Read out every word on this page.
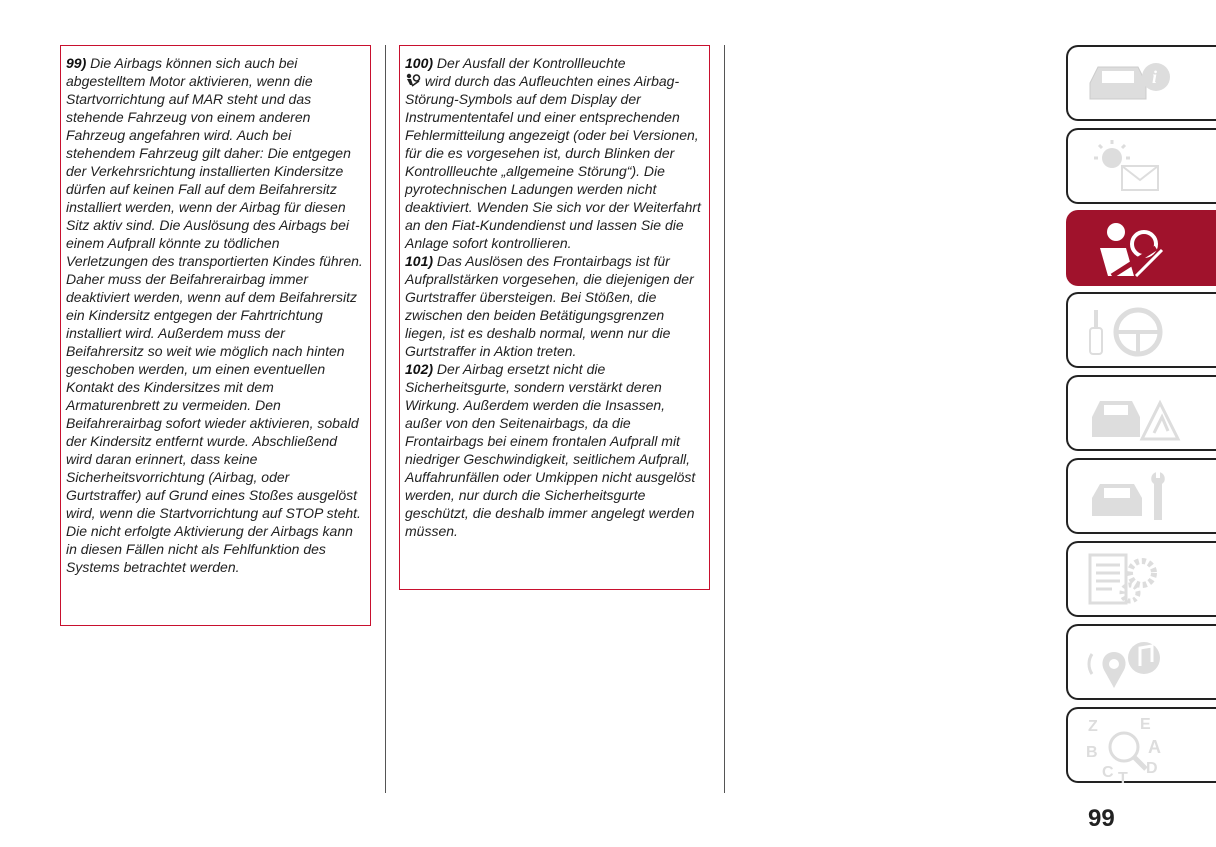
99) Die Airbags können sich auch bei abgestelltem Motor aktivieren, wenn die Startvorrichtung auf MAR steht und das stehende Fahrzeug von einem anderen Fahrzeug angefahren wird. Auch bei stehendem Fahrzeug gilt daher: Die entgegen der Verkehrsrichtung installierten Kindersitze dürfen auf keinen Fall auf dem Beifahrersitz installiert werden, wenn der Airbag für diesen Sitz aktiv sind. Die Auslösung des Airbags bei einem Aufprall könnte zu tödlichen Verletzungen des transportierten Kindes führen. Daher muss der Beifahrerairbag immer deaktiviert werden, wenn auf dem Beifahrersitz ein Kindersitz entgegen der Fahrtrichtung installiert wird. Außerdem muss der Beifahrersitz so weit wie möglich nach hinten geschoben werden, um einen eventuellen Kontakt des Kindersitzes mit dem Armaturenbrett zu vermeiden. Den Beifahrerairbag sofort wieder aktivieren, sobald der Kindersitz entfernt wurde. Abschließend wird daran erinnert, dass keine Sicherheitsvorrichtung (Airbag, oder Gurtstraffer) auf Grund eines Stoßes ausgelöst wird, wenn die Startvorrichtung auf STOP steht. Die nicht erfolgte Aktivierung der Airbags kann in diesen Fällen nicht als Fehlfunktion des Systems betrachtet werden.

100) Der Ausfall der Kontrollleuchte
wird durch das Aufleuchten eines Airbag-Störung-Symbols auf dem Display der Instrumententafel und einer entsprechenden Fehlermitteilung angezeigt (oder bei Versionen, für die es vorgesehen ist, durch Blinken der Kontrollleuchte „allgemeine Störung“). Die pyrotechnischen Ladungen werden nicht deaktiviert. Wenden Sie sich vor der Weiterfahrt an den Fiat-Kundendienst und lassen Sie die Anlage sofort kontrollieren.

101) Das Auslösen des Frontairbags ist für Aufprallstärken vorgesehen, die diejenigen der Gurtstraffer übersteigen. Bei Stößen, die zwischen den beiden Betätigungsgrenzen liegen, ist es deshalb normal, wenn nur die Gurtstraffer in Aktion treten.

102) Der Airbag ersetzt nicht die Sicherheitsgurte, sondern verstärkt deren Wirkung. Außerdem werden die Insassen, außer von den Seitenairbags, da die Frontairbags bei einem frontalen Aufprall mit niedriger Geschwindigkeit, seitlichem Aufprall, Auffahrunfällen oder Umkippen nicht ausgelöst werden, nur durch die Sicherheitsgurte geschützt, die deshalb immer angelegt werden müssen.

i
Z	E
B	A
C T
D
99
